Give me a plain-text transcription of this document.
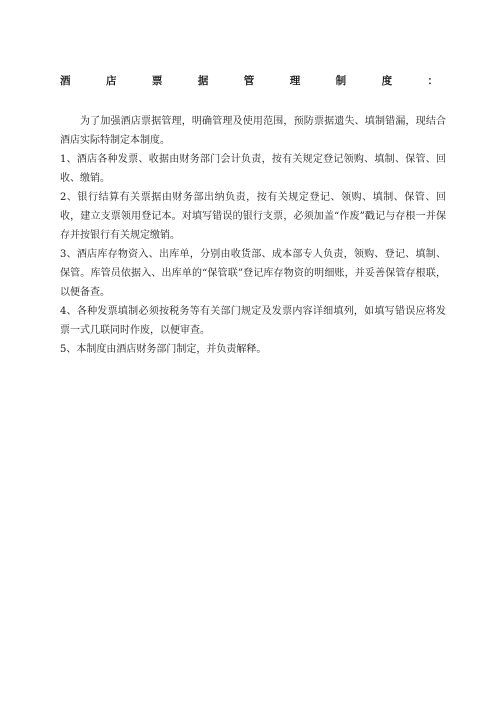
酒	店	票	据	管	理	制	度	：

为了加强酒店票据管理，明确管理及使用范围，预防票据遗失、填制错漏，现结合酒店实际特制定本制度。

1、酒店各种发票、收据由财务部门会计负责，按有关规定登记领购、填制、保管、回收、缴销。

2、银行结算有关票据由财务部出纳负责，按有关规定登记、领购、填制、保管、回收，建立支票领用登记本。对填写错误的银行支票，必须加盖“作废”戳记与存根一并保存并按银行有关规定缴销。

3、酒店库存物资入、出库单，分别由收货部、成本部专人负责，领购、登记、填制、保管。库管员依据入、出库单的“保管联”登记库存物资的明细账，并妥善保管存根联，以便备查。

4、各种发票填制必须按税务等有关部门规定及发票内容详细填列，如填写错误应将发票一式几联同时作废，以便审查。

5、本制度由酒店财务部门制定，并负责解释。
